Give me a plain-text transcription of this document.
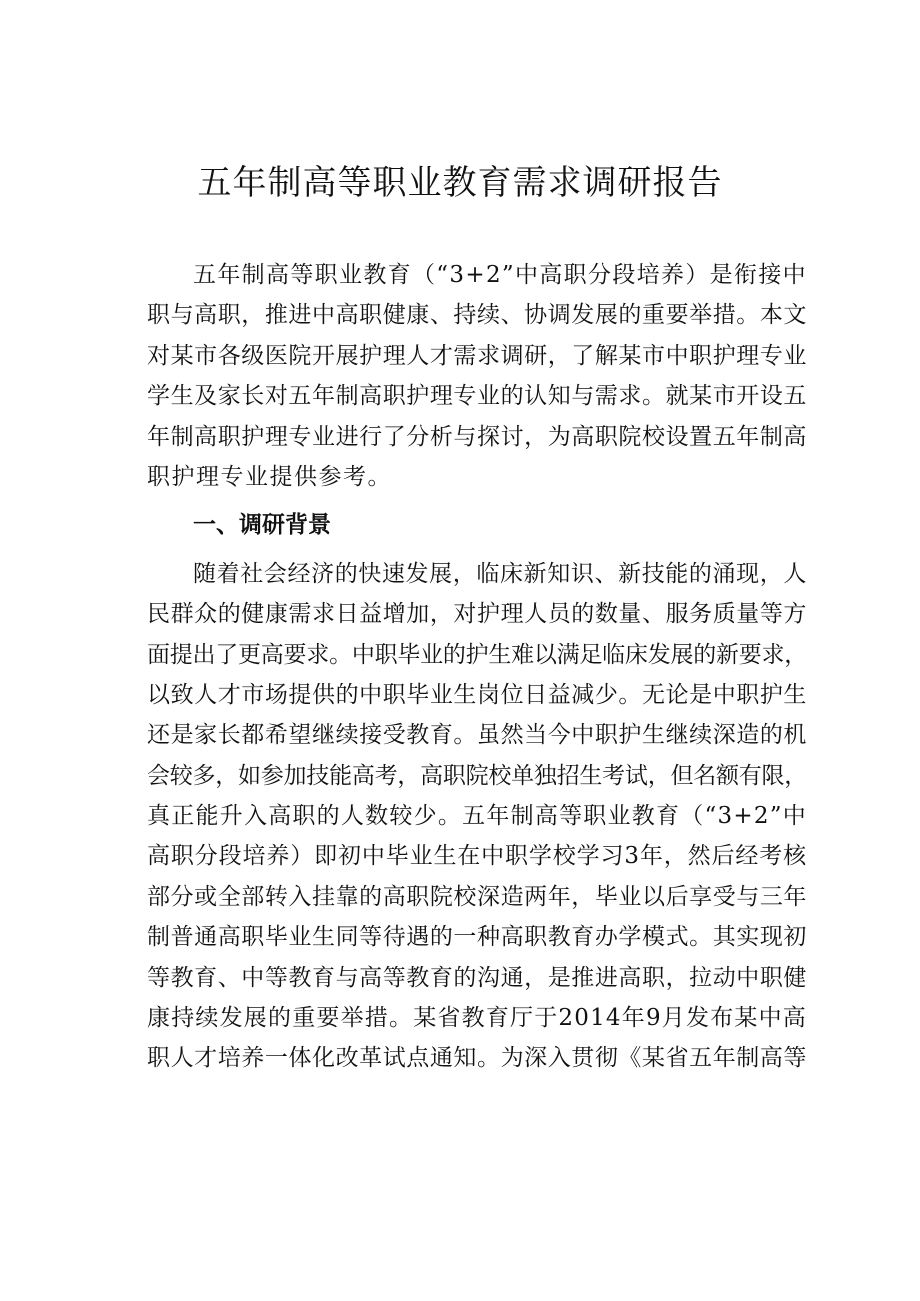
五年制高等职业教育需求调研报告
五年制高等职业教育（“3+2”中高职分段培养）是衔接中
职与高职，推进中高职健康、持续、协调发展的重要举措。本文
对某市各级医院开展护理人才需求调研，了解某市中职护理专业
学生及家长对五年制高职护理专业的认知与需求。就某市开设五
年制高职护理专业进行了分析与探讨，为高职院校设置五年制高
职护理专业提供参考。
一、调研背景
随着社会经济的快速发展，临床新知识、新技能的涌现，人
民群众的健康需求日益增加，对护理人员的数量、服务质量等方
面提出了更高要求。中职毕业的护生难以满足临床发展的新要求，
以致人才市场提供的中职毕业生岗位日益减少。无论是中职护生
还是家长都希望继续接受教育。虽然当今中职护生继续深造的机
会较多，如参加技能高考，高职院校单独招生考试，但名额有限，
真正能升入高职的人数较少。五年制高等职业教育（“3+2”中
高职分段培养）即初中毕业生在中职学校学习3年，然后经考核
部分或全部转入挂靠的高职院校深造两年，毕业以后享受与三年
制普通高职毕业生同等待遇的一种高职教育办学模式。其实现初
等教育、中等教育与高等教育的沟通，是推进高职，拉动中职健
康持续发展的重要举措。某省教育厅于2014年9月发布某中高
职人才培养一体化改革试点通知。为深入贯彻《某省五年制高等
